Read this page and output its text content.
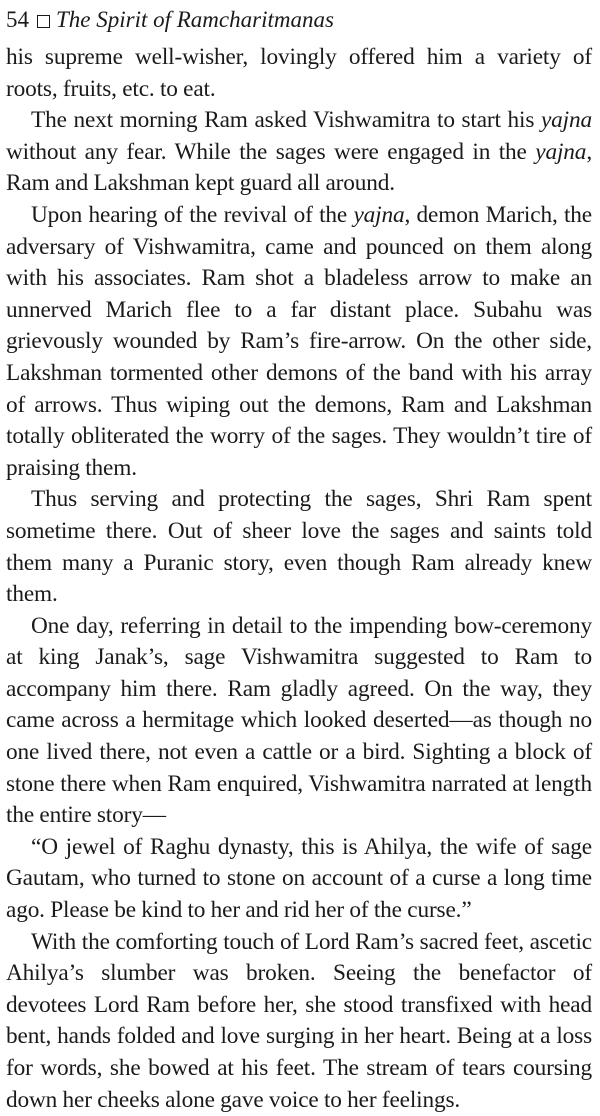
54 The Spirit of Ramcharitmanas

his supreme well-wisher, lovingly offered him a variety of roots, fruits, etc. to eat.

The next morning Ram asked Vishwamitra to start his yajna without any fear. While the sages were engaged in the yajna, Ram and Lakshman kept guard all around.

Upon hearing of the revival of the yajna, demon Marich, the adversary of Vishwamitra, came and pounced on them along with his associates. Ram shot a bladeless arrow to make an unnerved Marich flee to a far distant place. Subahu was grievously wounded by Ram’s fire-arrow. On the other side, Lakshman tormented other demons of the band with his array of arrows. Thus wiping out the demons, Ram and Lakshman totally obliterated the worry of the sages. They wouldn’t tire of praising them.

Thus serving and protecting the sages, Shri Ram spent sometime there. Out of sheer love the sages and saints told them many a Puranic story, even though Ram already knew them.

One day, referring in detail to the impending bow-ceremony at king Janak’s, sage Vishwamitra suggested to Ram to accompany him there. Ram gladly agreed. On the way, they came across a hermitage which looked deserted—as though no one lived there, not even a cattle or a bird. Sighting a block of stone there when Ram enquired, Vishwamitra narrated at length the entire story—

“O jewel of Raghu dynasty, this is Ahilya, the wife of sage Gautam, who turned to stone on account of a curse a long time ago. Please be kind to her and rid her of the curse.”

With the comforting touch of Lord Ram’s sacred feet, ascetic Ahilya’s slumber was broken. Seeing the benefactor of devotees Lord Ram before her, she stood transfixed with head bent, hands folded and love surging in her heart. Being at a loss for words, she bowed at his feet. The stream of tears coursing down her cheeks alone gave voice to her feelings.
